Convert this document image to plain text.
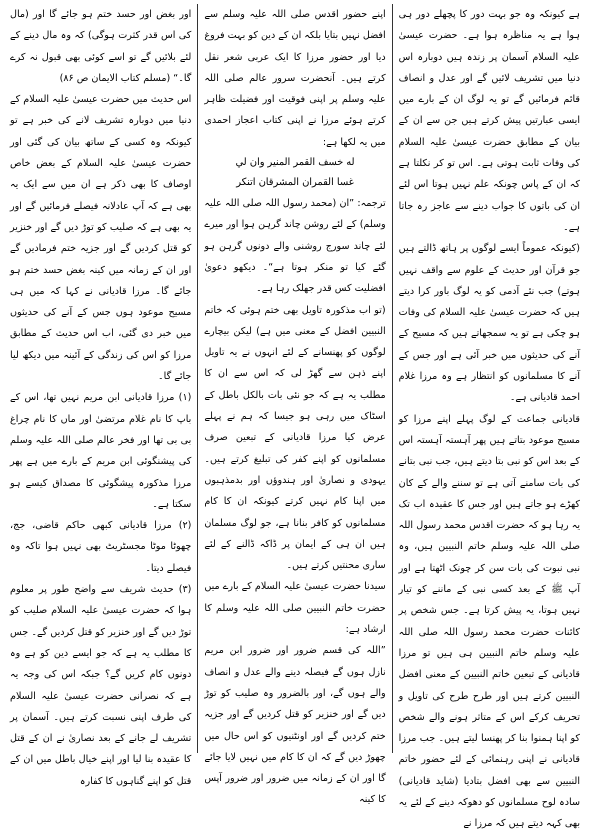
ہے کیونکہ وہ جو بہت دور کا پچھلے دور ہی ہوا ہے یہ مناظرہ ہوا ہے۔ حضرت عیسیٰ علیہ السلام آسمان پر زندہ ہیں دوبارہ اس دنیا میں تشریف لائیں گے اور عدل و انصاف قائم فرمائیں گے تو یہ لوگ ان کے بارے میں ایسی عبارتیں پیش کرتے ہیں جن سے ان کے بیان کے مطابق حضرت عیسیٰ علیہ السلام کی وفات ثابت ہوتی ہے۔ اس تو کر نکلتا ہے کہ ان کے پاس چونکہ علم نہیں ہوتا اس لئے ان کی باتوں کا جواب دینے سے عاجز رہ جاتا ہے۔

(کیونکہ عموماً ایسے لوگوں پر ہاتھ ڈالتے ہیں جو قرآن اور حدیث کے علوم سے واقف نہیں ہوتے) جب نئے آدمی کو یہ لوگ باور کرا دیتے ہیں کہ حضرت عیسیٰ علیہ السلام کی وفات ہو چکی ہے تو یہ سمجھاتے ہیں کہ مسیح کے آنے کی حدیثوں میں خبر آئی ہے اور جس کے آنے کا مسلمانوں کو انتظار ہے وہ مرزا غلام احمد قادیانی ہے۔

قادیانی جماعت کے لوگ پہلے اپنے مرزا کو مسیح موعود بتاتے ہیں پھر آہستہ آہستہ اس کے بعد اس کو نبی بتا دیتے ہیں، جب نبی بتانے کی بات سامنے آتی ہے تو سننے والے کے کان کھڑے ہو جاتے ہیں اور جس کا عقیدہ اب تک یہ رہا ہو کہ حضرت اقدس محمد رسول اللہ صلی اللہ علیہ وسلم خاتم النبیین ہیں، وہ نبی نبوت کی بات سن کر چونک اٹھتا ہے اور آپ ﷺ کے بعد کسی نبی کے ماننے کو تیار نہیں ہوتا، یہ پیش کرتا ہے۔ جس شخص پر کائنات حضرت محمد رسول اللہ صلی اللہ علیہ وسلم خاتم النبیین ہی ہیں تو مرزا قادیانی کے تبعین خاتم النبیین کے معنی افضل النبیین کرتے ہیں اور طرح طرح کی تاویل و تحریف کرکے اس کے متاثر ہونے والے شخص کو اپنا ہمنوا بنا کر پھنسا لیتے ہیں۔ جب مرزا قادیانی نے اپنی رہنمائی کے لئے حضور خاتم النبیین سے بھی افضل بتادیا (شاید قادیانی) سادہ لوح مسلمانوں کو دھوکہ دینے کے لئے یہ بھی کہہ دیتے ہیں کہ مرزا نے

اپنے حضور اقدس صلی اللہ علیہ وسلم سے افضل نہیں بتایا بلکہ ان کے دین کو بہت فروغ دیا اور حضور مرزا کا ایک عربی شعر نقل کرتے ہیں۔ آنحضرت سرور عالم صلی اللہ علیہ وسلم پر اپنی فوقیت اور فضیلت ظاہر کرتے ہوئے مرزا نے اپنی کتاب اعجاز احمدی میں یہ لکھا ہے:

له خسف القمر المنير وان لي

غسا القمران المشرقان اتنكر

ترجمہ: ”ان (محمد رسول اللہ صلی اللہ علیہ وسلم) کے لئے روشن چاند گرہن ہوا اور میرے لئے چاند سورج روشنی والے دونوں گرہن ہو گئے کیا تو منکر ہوتا ہے“۔ دیکھو دعویٰ افضلیت کس قدر جھلک رہا ہے۔

(تو اب مذکورہ تاویل بھی ختم ہوئی کہ خاتم النبیین افضل کے معنی میں ہے) لیکن بیچارے لوگوں کو پھنسانے کے لئے انہوں نے یہ تاویل اپنے ذہن سے گھڑ لی کہ اس سے ان کا مطلب یہ ہے کہ جو نئی بات بالکل باطل کے اسٹاک میں رہی ہو جیسا کہ ہم نے پہلے عرض کیا مرزا قادیانی کے تبعین صرف مسلمانوں کو اپنے کفر کی تبلیغ کرتے ہیں۔ یہودی و نصاریٰ اور ہندوؤں اور بدمذہبوں میں اپنا کام نہیں کرتے کیونکہ ان کا کام مسلمانوں کو کافر بنانا ہے، جو لوگ مسلمان ہیں ان ہی کے ایمان پر ڈاکہ ڈالنے کے لئے ساری محنتیں کرتے ہیں۔

سیدنا حضرت عیسیٰ علیہ السلام کے بارے میں حضرت خاتم النبیین صلی اللہ علیہ وسلم کا ارشاد ہے:

”اللہ کی قسم ضرور اور ضرور ابن مریم نازل ہوں گے فیصلہ دینے والے عدل و انصاف والے ہوں گے، اور بالضرور وہ صلیب کو توڑ دیں گے اور خنزیر کو قتل کردیں گے اور جزیہ ختم کردیں گے اور اونٹنیوں کو اس حال میں چھوڑ دیں گے کہ ان کا کام میں نہیں لایا جائے گا اور ان کے زمانہ میں ضرور اور ضرور آپس کا کینہ

اور بغض اور حسد ختم ہو جائے گا اور (مال کی اس قدر کثرت ہوگی) کہ وہ مال دینے کے لئے بلائیں گے تو اسے کوئی بھی قبول نہ کرے گا۔“ (مسلم کتاب الایمان ص ۸۶)

اس حدیث میں حضرت عیسیٰ علیہ السلام کے دنیا میں دوبارہ تشریف لانے کی خبر ہے تو کیونکہ وہ کسی کے ساتھ بیان کی گئی اور حضرت عیسیٰ علیہ السلام کے بعض خاص اوصاف کا بھی ذکر ہے ان میں سے ایک یہ بھی ہے کہ آپ عادلانہ فیصلے فرمائیں گے اور یہ بھی ہے کہ صلیب کو توڑ دیں گے اور خنزیر کو قتل کردیں گے اور جزیہ ختم فرمادیں گے اور ان کے زمانہ میں کینہ بغض حسد ختم ہو جائے گا۔ مرزا قادیانی نے کہا کہ میں ہی مسیح موعود ہوں جس کے آنے کی حدیثوں میں خبر دی گئی، اب اس حدیث کے مطابق مرزا کو اس کی زندگی کے آئینہ میں دیکھ لیا جائے گا۔

(۱) مرزا قادیانی ابن مریم نہیں تھا، اس کے باپ کا نام غلام مرتضیٰ اور ماں کا نام چراغ بی بی تھا اور فخر عالم صلی اللہ علیہ وسلم کی پیشنگوئی ابن مریم کے بارے میں ہے پھر مرزا مذکورہ پیشگوئی کا مصداق کیسے ہو سکتا ہے۔

(۲) مرزا قادیانی کبھی حاکم قاضی، جج، چھوٹا موٹا مجسٹریٹ بھی نہیں ہوا تاکہ وہ فیصلے دیتا۔

(۳) حدیث شریف سے واضح طور پر معلوم ہوا کہ حضرت عیسیٰ علیہ السلام صلیب کو توڑ دیں گے اور خنزیر کو قتل کردیں گے۔ جس کا مطلب یہ ہے کہ جو ایسے دین کو ہے وہ دونوں کام کریں گے؟ جبکہ اس کی وجہ یہ ہے کہ نصرانی حضرت عیسیٰ علیہ السلام کی طرف اپنی نسبت کرتے ہیں۔ آسمان پر تشریف لے جانے کے بعد نصاریٰ نے ان کے قتل کا عقیدہ بنا لیا اور اپنے خیال باطل میں ان کے قتل کو اپنے گناہوں کا کفارہ
